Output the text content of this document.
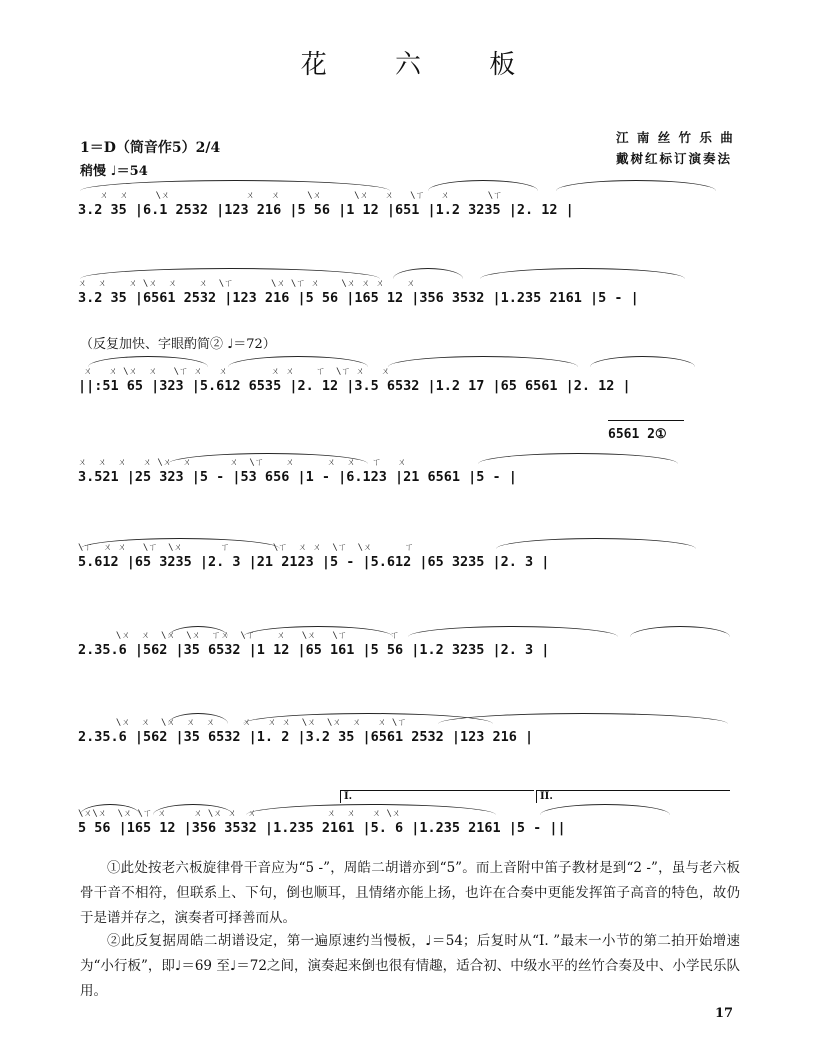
花 六 板
1＝D（筒音作5）2/4
稍慢 ♩＝54
江 南 丝 竹 乐 曲
戴树红标订演奏法
ㄨ  ㄨ     \ㄨ              ㄨ   ㄨ     \ㄨ      \ㄨ   ㄨ   \ㄒ   ㄨ       \ㄒ
3.2 35 |6.1 2532 |123 216 |5 56 |1 12 |651 |1.2 3235 |2. 12 |
ㄨ  ㄨ    ㄨ \ㄨ  ㄨ    ㄨ  \ㄒ       \ㄨ \ㄒ ㄨ    \ㄨ ㄨ ㄨ    ㄨ
3.2 35 |6561 2532 |123 216 |5 56 |165 12 |356 3532 |1.235 2161 |5 - |
（反复加快、字眼酌简② ♩＝72）
ㄨ   ㄨ \ㄨ  ㄨ   \ㄒ ㄨ   ㄨ        ㄨ ㄨ    ㄒ  \ㄒ ㄨ   ㄨ
||:51 65 |323 |5.612 6535 |2. 12 |3.5 6532 |1.2 17 |65 6561 |2. 12 |
6561 2①
ㄨ  ㄨ  ㄨ   ㄨ \ㄨ  ㄨ       ㄨ  \ㄒ    ㄨ      ㄨ  ㄨ   ㄒ   ㄨ
3.521 |25 323 |5 - |53 656 |1 - |6.123 |21 6561 |5 - |
\ㄒ  ㄨ ㄨ   \ㄒ  \ㄨ       ㄒ        \ㄒ  ㄨ ㄨ  \ㄒ  \ㄨ      ㄒ
5.612 |65 3235 |2. 3 |21 2123 |5 - |5.612 |65 3235 |2. 3 |
\ㄨ  ㄨ  \ㄨ  \ㄨ  ㄒㄨ  \ㄒ    ㄨ   \ㄨ   \ㄒ        ㄒ
2.35.6 |562 |35 6532 |1 12 |65 161 |5 56 |1.2 3235 |2. 3 |
\ㄨ  ㄨ  \ㄨ  ㄨ  ㄨ     ㄨ   ㄨ ㄨ  \ㄨ  \ㄨ  ㄨ   ㄨ \ㄒ
2.35.6 |562 |35 6532 |1. 2 |3.2 35 |6561 2532 |123 216 |
I.	II.
\ㄨ\ㄨ  \ㄨ \ㄒ ㄨ     ㄨ \ㄨ ㄨ  ㄨ             ㄨ  ㄨ   ㄨ \ㄨ
5 56 |165 12 |356 3532 |1.235 2161 |5. 6 |1.235 2161 |5 - ||
①此处按老六板旋律骨干音应为“5 -”，周皓二胡谱亦到“5”。而上音附中笛子教材是到“2 -”，虽与老六板骨干音不相符，但联系上、下句，倒也顺耳，且情绪亦能上扬，也许在合奏中更能发挥笛子高音的特色，故仍于是谱并存之，演奏者可择善而从。
②此反复据周皓二胡谱设定，第一遍原速约当慢板，♩＝54；后复时从“I. ”最末一小节的第二拍开始增速为“小行板”，即♩＝69 至♩＝72之间，演奏起来倒也很有情趣，适合初、中级水平的丝竹合奏及中、小学民乐队用。
17
